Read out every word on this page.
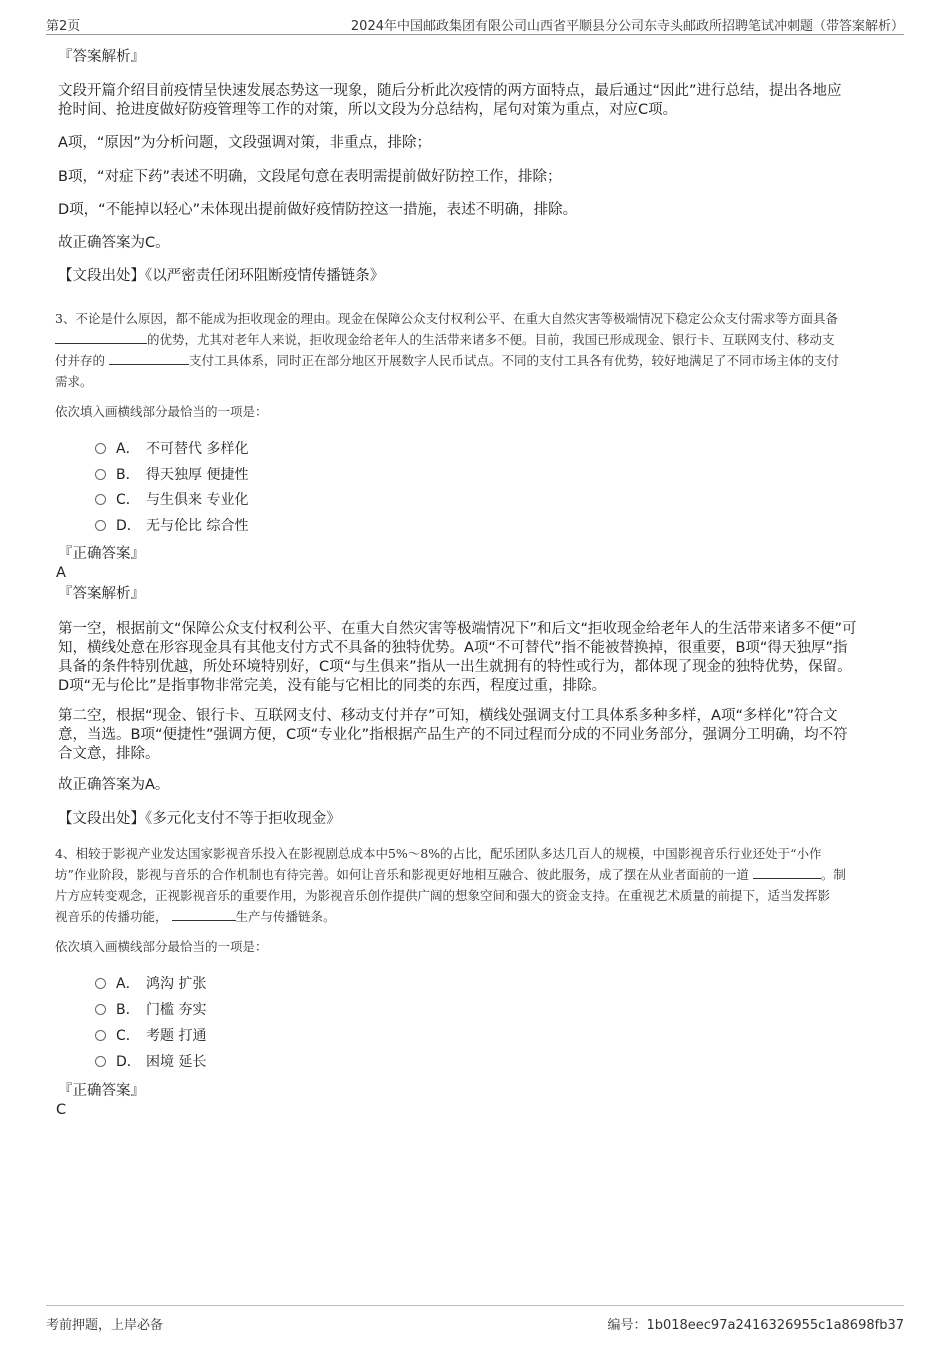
第2页	2024年中国邮政集团有限公司山西省平顺县分公司东寺头邮政所招聘笔试冲刺题（带答案解析）
『答案解析』
文段开篇介绍目前疫情呈快速发展态势这一现象，随后分析此次疫情的两方面特点，最后通过“因此”进行总结，提出各地应
抢时间、抢进度做好防疫管理等工作的对策，所以文段为分总结构，尾句对策为重点，对应C项。
A项，“原因”为分析问题，文段强调对策，非重点，排除；
B项，“对症下药”表述不明确，文段尾句意在表明需提前做好防控工作，排除；
D项，“不能掉以轻心”未体现出提前做好疫情防控这一措施，表述不明确，排除。
故正确答案为C。
【文段出处】《以严密责任闭环阻断疫情传播链条》
3、不论是什么原因，都不能成为拒收现金的理由。现金在保障公众支付权利公平、在重大自然灾害等极端情况下稳定公众支付需求等方面具备
的优势，尤其对老年人来说，拒收现金给老年人的生活带来诸多不便。目前，我国已形成现金、银行卡、互联网支付、移动支
付并存的	支付工具体系，同时正在部分地区开展数字人民币试点。不同的支付工具各有优势，较好地满足了不同市场主体的支付
需求。
依次填入画横线部分最恰当的一项是：
A． 不可替代 多样化
B． 得天独厚 便捷性
C． 与生俱来 专业化
D． 无与伦比 综合性
『正确答案』
A
『答案解析』
第一空，根据前文“保障公众支付权利公平、在重大自然灾害等极端情况下”和后文“拒收现金给老年人的生活带来诸多不便”可
知，横线处意在形容现金具有其他支付方式不具备的独特优势。A项“不可替代”指不能被替换掉，很重要，B项“得天独厚”指
具备的条件特别优越，所处环境特别好，C项“与生俱来”指从一出生就拥有的特性或行为，都体现了现金的独特优势，保留。
D项“无与伦比”是指事物非常完美，没有能与它相比的同类的东西，程度过重，排除。
第二空，根据“现金、银行卡、互联网支付、移动支付并存”可知，横线处强调支付工具体系多种多样，A项“多样化”符合文
意，当选。B项“便捷性”强调方便，C项“专业化”指根据产品生产的不同过程而分成的不同业务部分，强调分工明确，均不符
合文意，排除。
故正确答案为A。
【文段出处】《多元化支付不等于拒收现金》
4、相较于影视产业发达国家影视音乐投入在影视剧总成本中5%～8%的占比，配乐团队多达几百人的规模，中国影视音乐行业还处于“小作
坊”作业阶段，影视与音乐的合作机制也有待完善。如何让音乐和影视更好地相互融合、彼此服务，成了摆在从业者面前的一道	。制
片方应转变观念，正视影视音乐的重要作用，为影视音乐创作提供广阔的想象空间和强大的资金支持。在重视艺术质量的前提下，适当发挥影
视音乐的传播功能，	生产与传播链条。
依次填入画横线部分最恰当的一项是：
A． 鸿沟 扩张
B． 门槛 夯实
C． 考题 打通
D． 困境 延长
『正确答案』
C
考前押题，上岸必备	编号：1b018eec97a2416326955c1a8698fb37
